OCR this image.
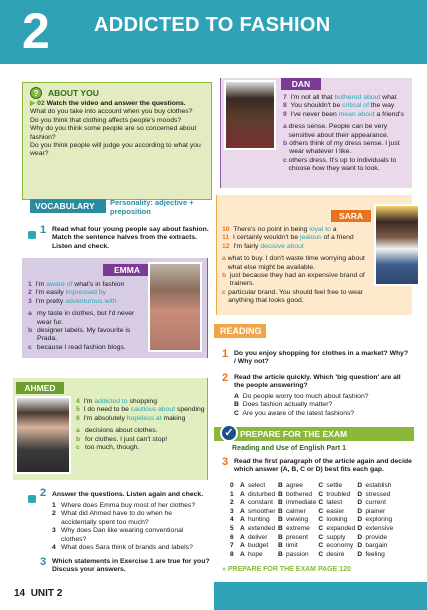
2 ADDICTED TO FASHION
?	ABOUT YOU
▶ 02 Watch the video and answer the questions.
What do you take into account when you buy clothes?
Do you think that clothing affects people's moods?
Why do you think some people are so concerned about fashion?
Do you think people will judge you according to what you wear?
VOCABULARY	Personality: adjective + preposition
1 Read what four young people say about fashion. Match the sentence halves from the extracts. Listen and check.
EMMA
1 I'm aware of what's in fashion
2 I'm easily impressed by
3 I'm pretty adventurous with
a my taste in clothes, but I'd never wear fur.
b designer labels. My favourite is Prada.
c because I read fashion blogs.
AHMED
4 I'm addicted to shopping
5 I do need to be cautious about spending
6 I'm absolutely hopeless at making
a decisions about clothes.
b for clothes. I just can't stop!
c too much, though.
2 Answer the questions. Listen again and check.
1 Where does Emma buy most of her clothes?
2 What did Ahmed have to do when he accidentally spent too much?
3 Why does Dan like wearing conventional clothes?
4 What does Sara think of brands and labels?
3 Which statements in Exercise 1 are true for you? Discuss your answers.
DAN
7 I'm not all that bothered about what
8 You shouldn't be critical of the way
9 I've never been mean about a friend's
a dress sense. People can be very sensitive about their appearance.
b others think of my dress sense. I just wear whatever I like.
c others dress. It's up to individuals to choose how they want to look.
SARA
10 There's no point in being loyal to a
11 I certainly wouldn't be jealous of a friend
12 I'm fairly decisive about
a what to buy. I don't waste time worrying about what else might be available.
b just because they had an expensive brand of trainers.
c particular brand. You should feel free to wear anything that looks good.
READING
1 Do you enjoy shopping for clothes in a market? Why? / Why not?
2 Read the article quickly. Which 'big question' are all the people answering?
A Do people worry too much about fashion?
B Does fashion actually matter?
C Are you aware of the latest fashions?
PREPARE FOR THE EXAM
✓
Reading and Use of English Part 1
3 Read the first paragraph of the article again and decide which answer (A, B, C or D) best fits each gap.
0	A	select	B	agree	C	settle	D	establish
1	A	disturbed	B	bothered	C	troubled	D	stressed
2	A	constant	B	immediate	C	latest	D	current
3	A	smoother	B	calmer	C	easier	D	plainer
4	A	hunting	B	viewing	C	looking	D	exploring
5	A	extended	B	extreme	C	expanded	D	extensive
6	A	deliver	B	present	C	supply	D	provide
7	A	budget	B	limit	C	economy	D	bargain
8	A	hope	B	passion	C	desire	D	feeling
» PREPARE FOR THE EXAM PAGE 120
14 UNIT 2
